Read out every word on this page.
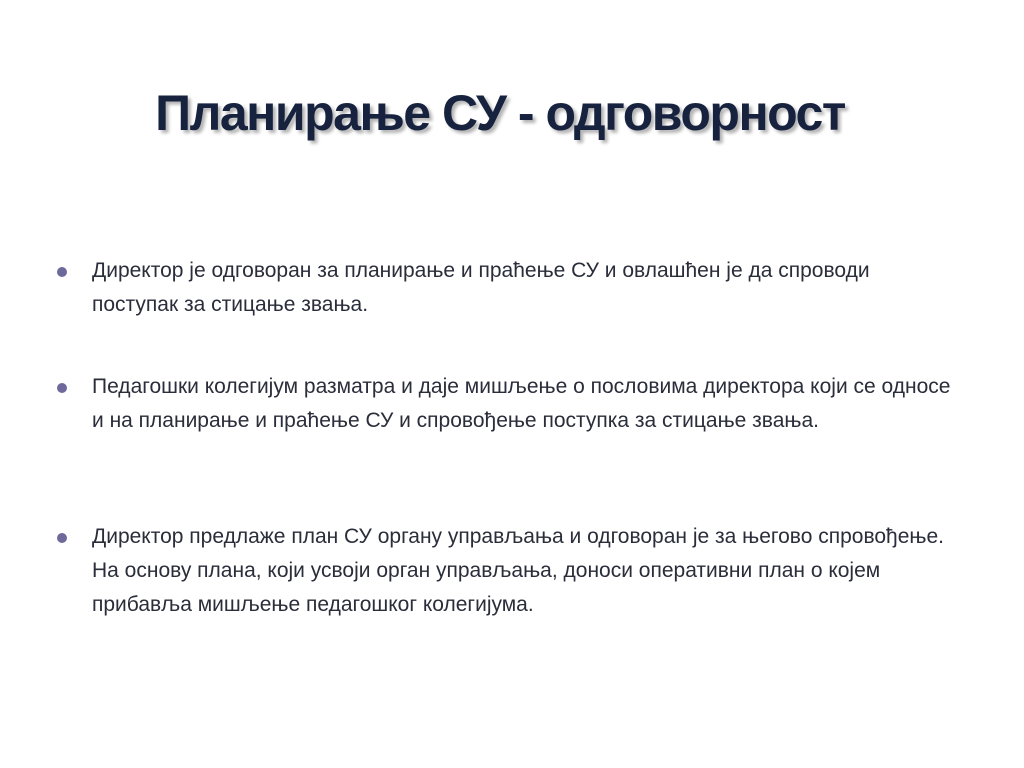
Планирање СУ - одговорност
Директор је одговоран за планирање и праћење СУ и овлашћен је да спроводи поступак за стицање звања.
Педагошки колегијум разматра и даје мишљење о пословима директора који се односе и на планирање и праћење СУ и спровођење поступка за стицање звања.
Директор предлаже план СУ органу управљања и одговоран је за његово спровођење. На основу плана, који усвоји орган управљања, доноси оперативни план о којем прибавља мишљење педагошког колегијума.
